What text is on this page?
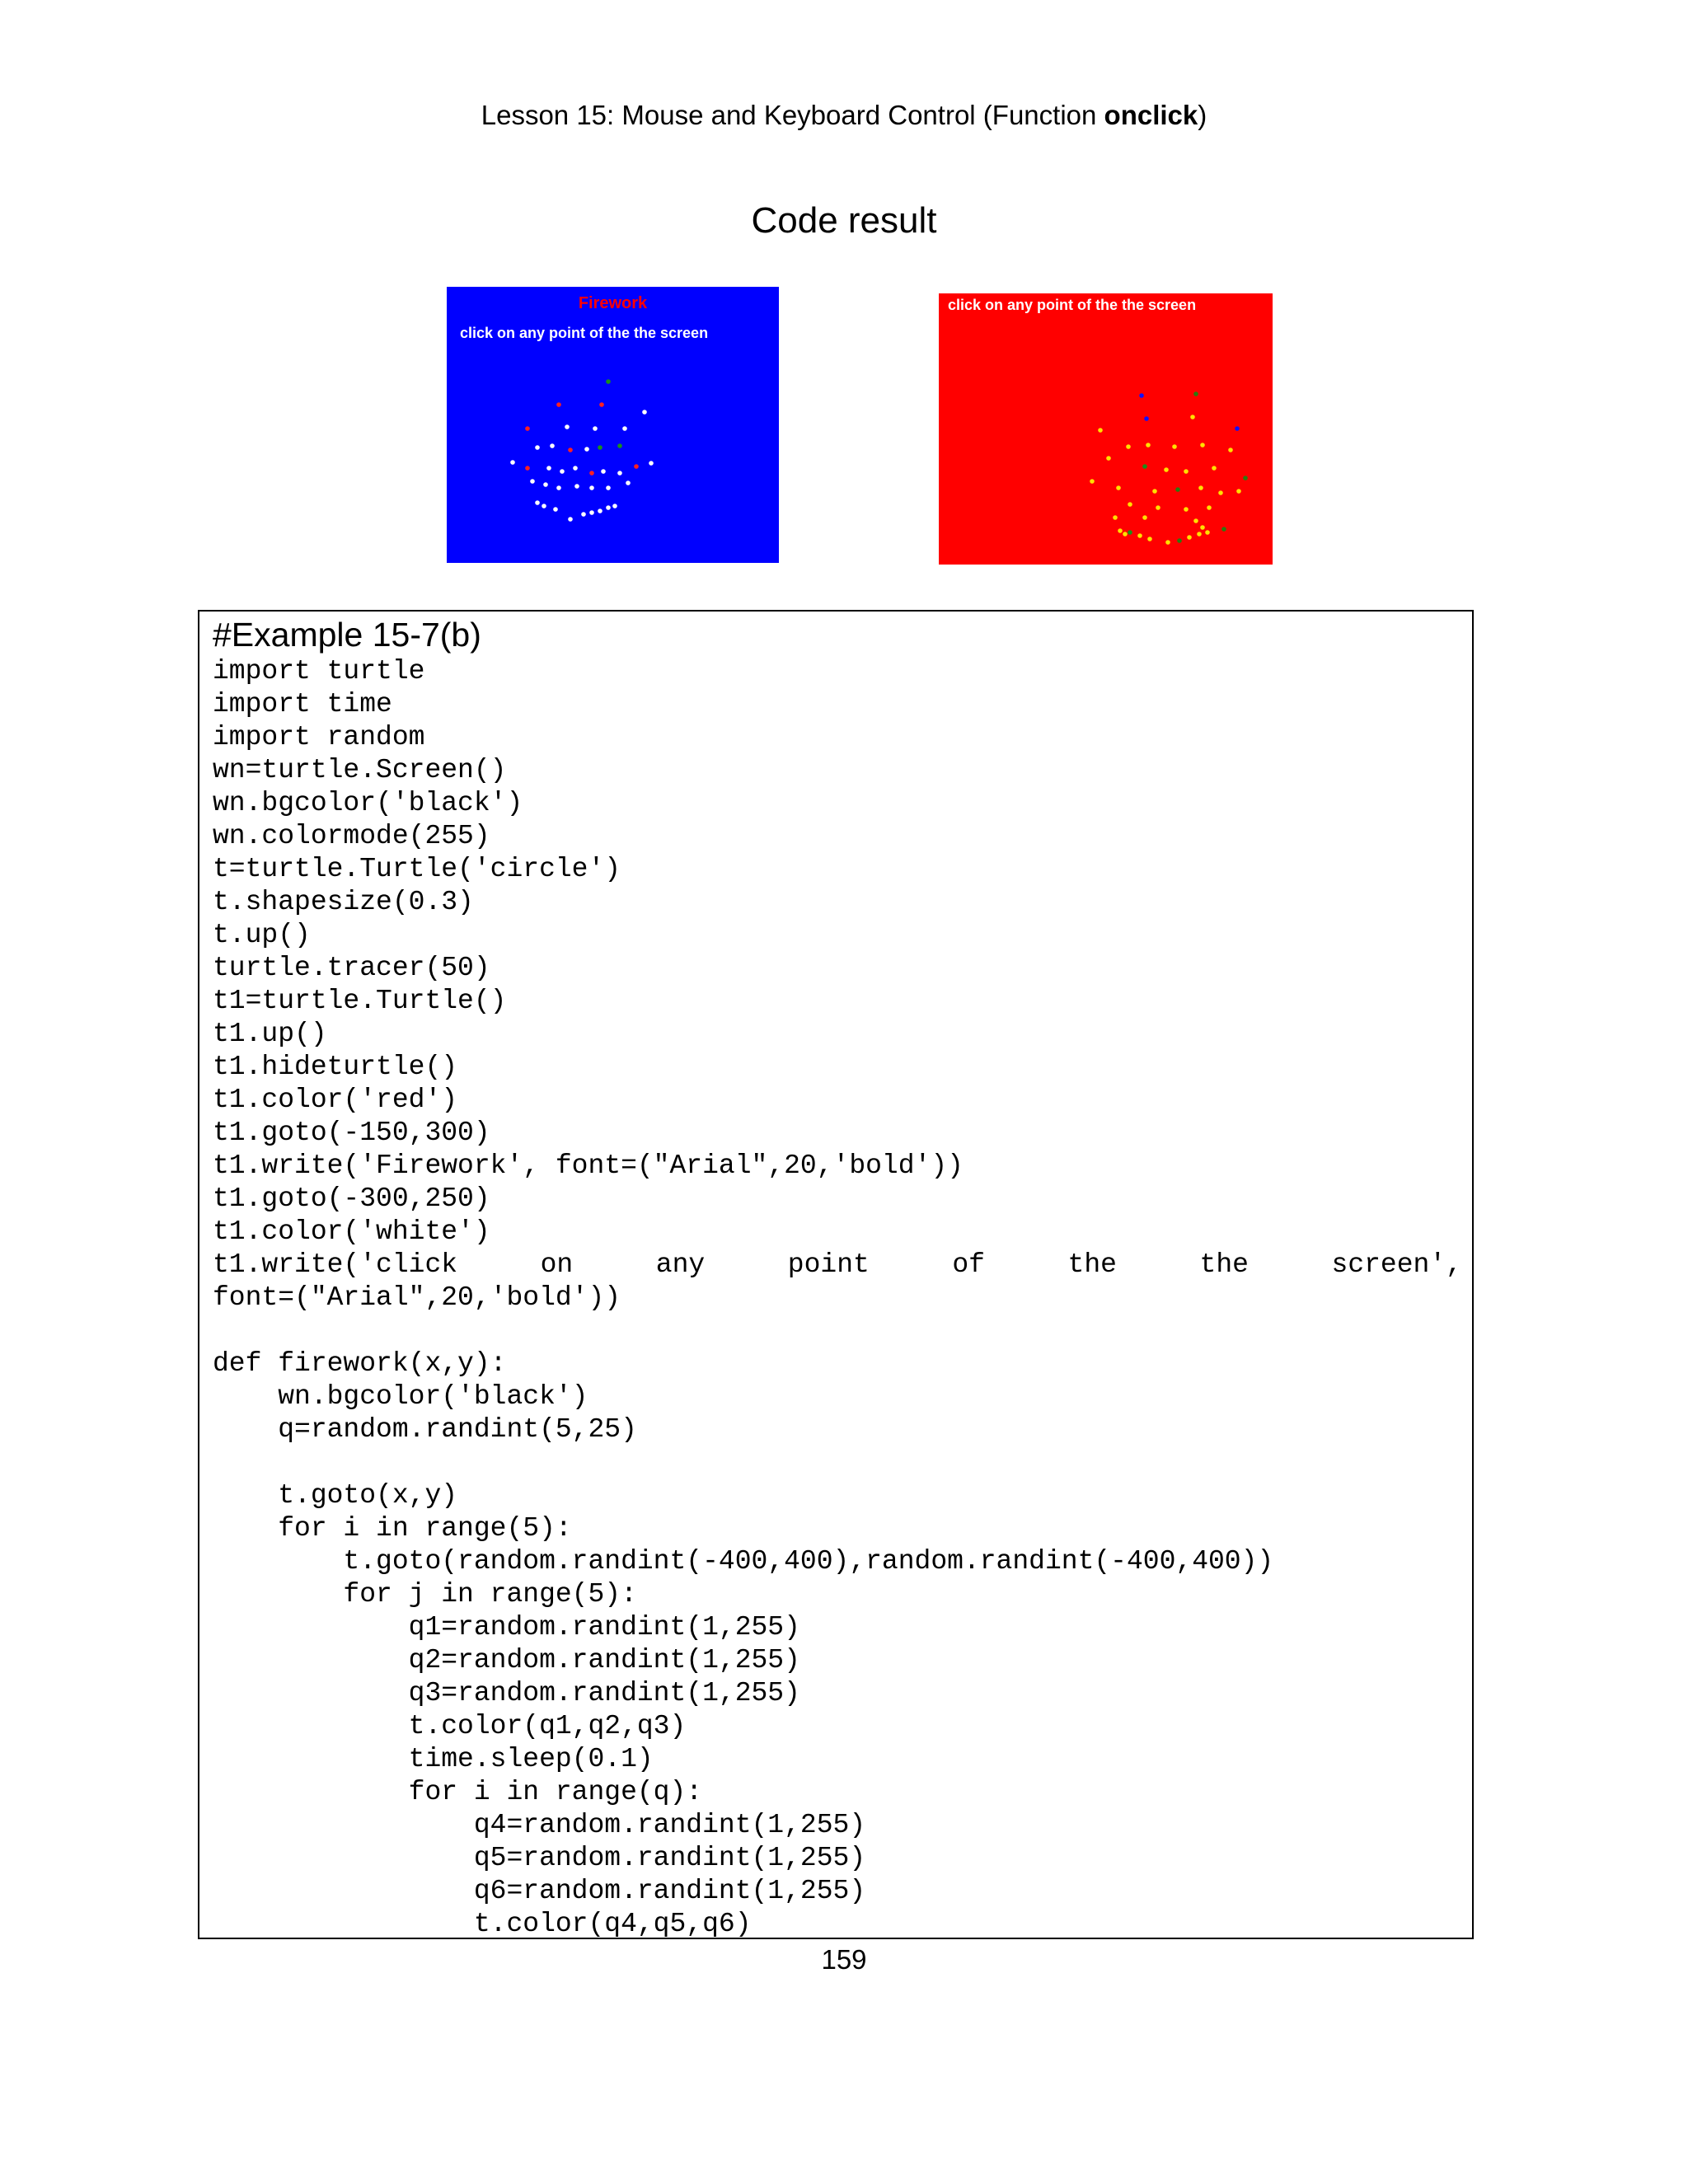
Lesson 15: Mouse and Keyboard Control (Function onclick)
Code result
Firework
click on any point of the the screen
click on any point of the the screen
#Example 15-7(b)
import turtle
import time
import random
wn=turtle.Screen()
wn.bgcolor('black')
wn.colormode(255)
t=turtle.Turtle('circle')
t.shapesize(0.3)
t.up()
turtle.tracer(50)
t1=turtle.Turtle()
t1.up()
t1.hideturtle()
t1.color('red')
t1.goto(-150,300)
t1.write('Firework', font=("Arial",20,'bold'))
t1.goto(-300,250)
t1.color('white')
t1.write('click	on	any	point	of	the	the	screen',
font=("Arial",20,'bold'))
def firework(x,y):
wn.bgcolor('black')
q=random.randint(5,25)
t.goto(x,y)
for i in range(5):
t.goto(random.randint(-400,400),random.randint(-400,400))
for j in range(5):
q1=random.randint(1,255)
q2=random.randint(1,255)
q3=random.randint(1,255)
t.color(q1,q2,q3)
time.sleep(0.1)
for i in range(q):
q4=random.randint(1,255)
q5=random.randint(1,255)
q6=random.randint(1,255)
t.color(q4,q5,q6)
159
